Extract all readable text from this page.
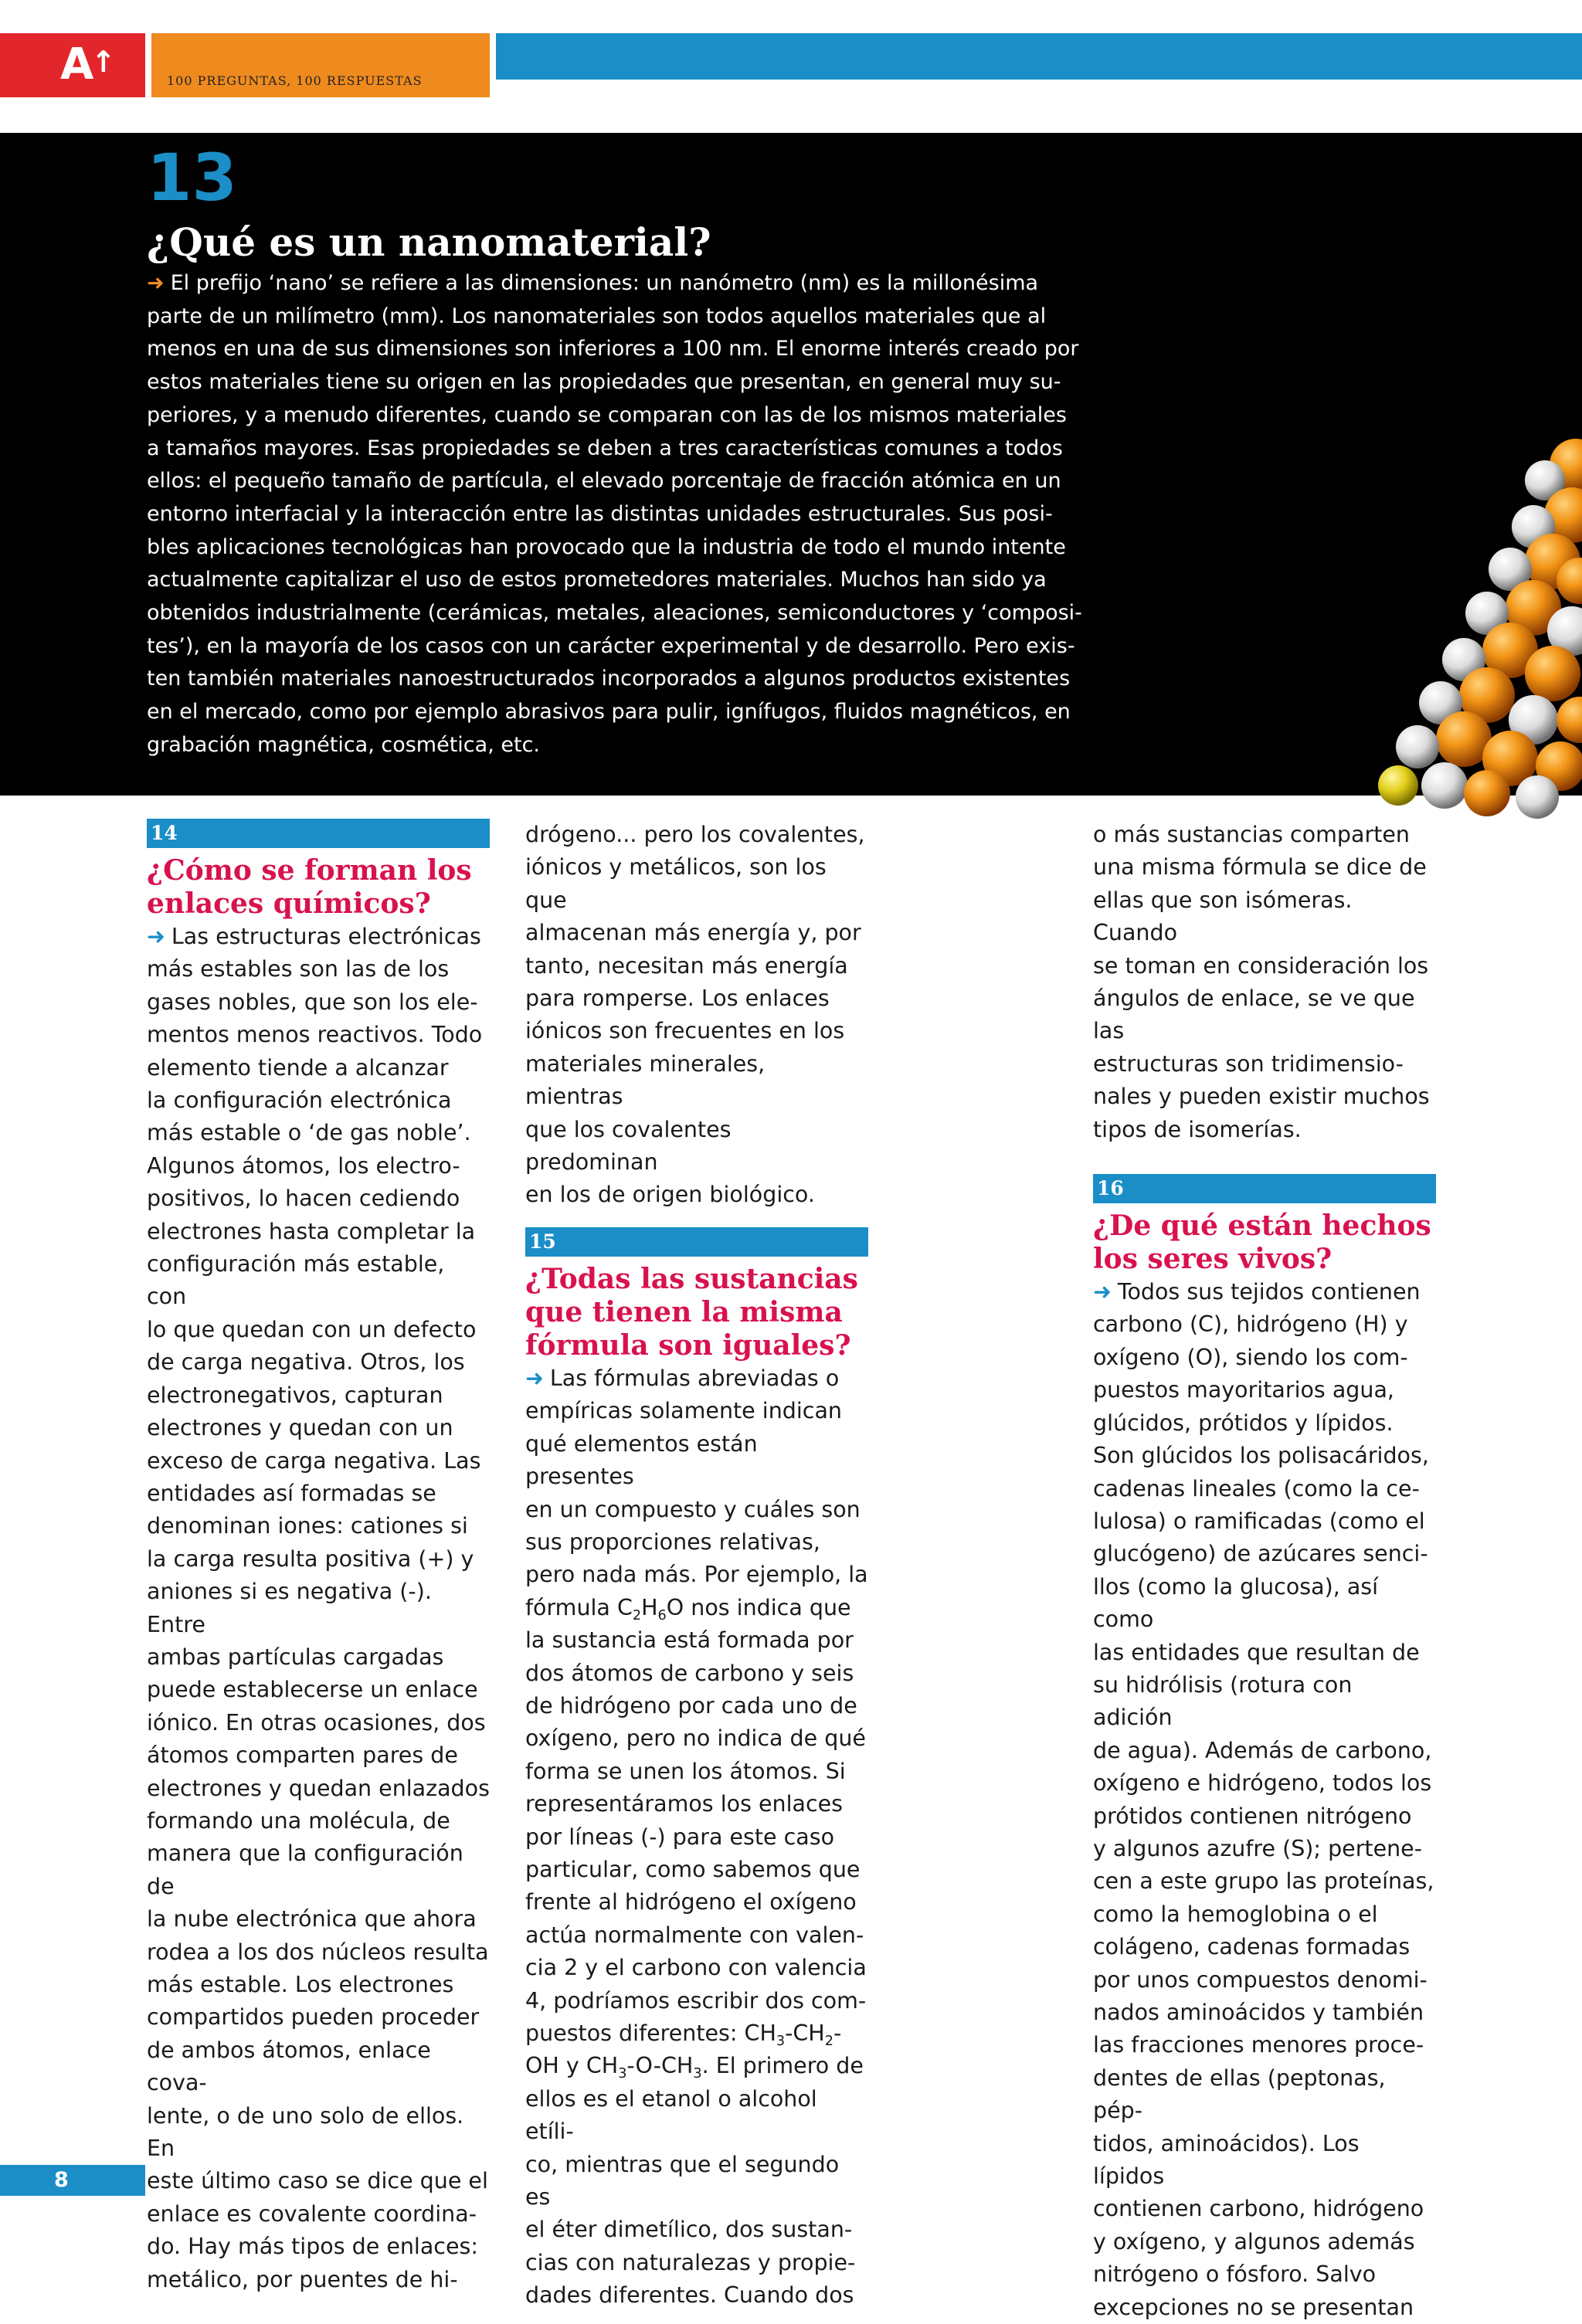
A
↑
100 PREGUNTAS, 100 RESPUESTAS
13
¿Qué es un nanomaterial?
➜ El prefijo ‘nano’ se refiere a las dimensiones: un nanómetro (nm) es la millonésima
parte de un milímetro (mm). Los nanomateriales son todos aquellos materiales que al
menos en una de sus dimensiones son inferiores a 100 nm. El enorme interés creado por
estos materiales tiene su origen en las propiedades que presentan, en general muy su-
periores, y a menudo diferentes, cuando se comparan con las de los mismos materiales
a tamaños mayores. Esas propiedades se deben a tres características comunes a todos
ellos: el pequeño tamaño de partícula, el elevado porcentaje de fracción atómica en un
entorno interfacial y la interacción entre las distintas unidades estructurales. Sus posi-
bles aplicaciones tecnológicas han provocado que la industria de todo el mundo intente
actualmente capitalizar el uso de estos prometedores materiales. Muchos han sido ya
obtenidos industrialmente (cerámicas, metales, aleaciones, semiconductores y ‘composi-
tes’), en la mayoría de los casos con un carácter experimental y de desarrollo. Pero exis-
ten también materiales nanoestructurados incorporados a algunos productos existentes
en el mercado, como por ejemplo abrasivos para pulir, ignífugos, fluidos magnéticos, en
grabación magnética, cosmética, etc.
14
¿Cómo se forman los
enlaces químicos?
➜ Las estructuras electrónicas
más estables son las de los
gases nobles, que son los ele-
mentos menos reactivos. Todo
elemento tiende a alcanzar
la configuración electrónica
más estable o ‘de gas noble’.
Algunos átomos, los electro-
positivos, lo hacen cediendo
electrones hasta completar la
configuración más estable, con
lo que quedan con un defecto
de carga negativa. Otros, los
electronegativos, capturan
electrones y quedan con un
exceso de carga negativa. Las
entidades así formadas se
denominan iones: cationes si
la carga resulta positiva (+) y
aniones si es negativa (-). Entre
ambas partículas cargadas
puede establecerse un enlace
iónico. En otras ocasiones, dos
átomos comparten pares de
electrones y quedan enlazados
formando una molécula, de
manera que la configuración de
la nube electrónica que ahora
rodea a los dos núcleos resulta
más estable. Los electrones
compartidos pueden proceder
de ambos átomos, enlace cova-
lente, o de uno solo de ellos. En
este último caso se dice que el
enlace es covalente coordina-
do. Hay más tipos de enlaces:
metálico, por puentes de hi-
drógeno... pero los covalentes,
iónicos y metálicos, son los que
almacenan más energía y, por
tanto, necesitan más energía
para romperse. Los enlaces
iónicos son frecuentes en los
materiales minerales, mientras
que los covalentes predominan
en los de origen biológico.
15
¿Todas las sustancias
que tienen la misma
fórmula son iguales?
➜ Las fórmulas abreviadas o
empíricas solamente indican
qué elementos están presentes
en un compuesto y cuáles son
sus proporciones relativas,
pero nada más. Por ejemplo, la
fórmula $C_2H_6O$ nos indica que
la sustancia está formada por
dos átomos de carbono y seis
de hidrógeno por cada uno de
oxígeno, pero no indica de qué
forma se unen los átomos. Si
representáramos los enlaces
por líneas (-) para este caso
particular, como sabemos que
frente al hidrógeno el oxígeno
actúa normalmente con valen-
cia 2 y el carbono con valencia
4, podríamos escribir dos com-
puestos diferentes: $CH_3-CH_2-$
OH y $CH_3-O-CH_3$. El primero de
ellos es el etanol o alcohol etíli-
co, mientras que el segundo es
el éter dimetílico, dos sustan-
cias con naturalezas y propie-
dades diferentes. Cuando dos
o más sustancias comparten
una misma fórmula se dice de
ellas que son isómeras. Cuando
se toman en consideración los
ángulos de enlace, se ve que las
estructuras son tridimensio-
nales y pueden existir muchos
tipos de isomerías.
16
¿De qué están hechos
los seres vivos?
➜ Todos sus tejidos contienen
carbono (C), hidrógeno (H) y
oxígeno (O), siendo los com-
puestos mayoritarios agua,
glúcidos, prótidos y lípidos.
Son glúcidos los polisacáridos,
cadenas lineales (como la ce-
lulosa) o ramificadas (como el
glucógeno) de azúcares senci-
llos (como la glucosa), así como
las entidades que resultan de
su hidrólisis (rotura con adición
de agua). Además de carbono,
oxígeno e hidrógeno, todos los
prótidos contienen nitrógeno
y algunos azufre (S); pertene-
cen a este grupo las proteínas,
como la hemoglobina o el
colágeno, cadenas formadas
por unos compuestos denomi-
nados aminoácidos y también
las fracciones menores proce-
dentes de ellas (peptonas, pép-
tidos, aminoácidos). Los lípidos
contienen carbono, hidrógeno
y oxígeno, y algunos además
nitrógeno o fósforo. Salvo
excepciones no se presentan
8
